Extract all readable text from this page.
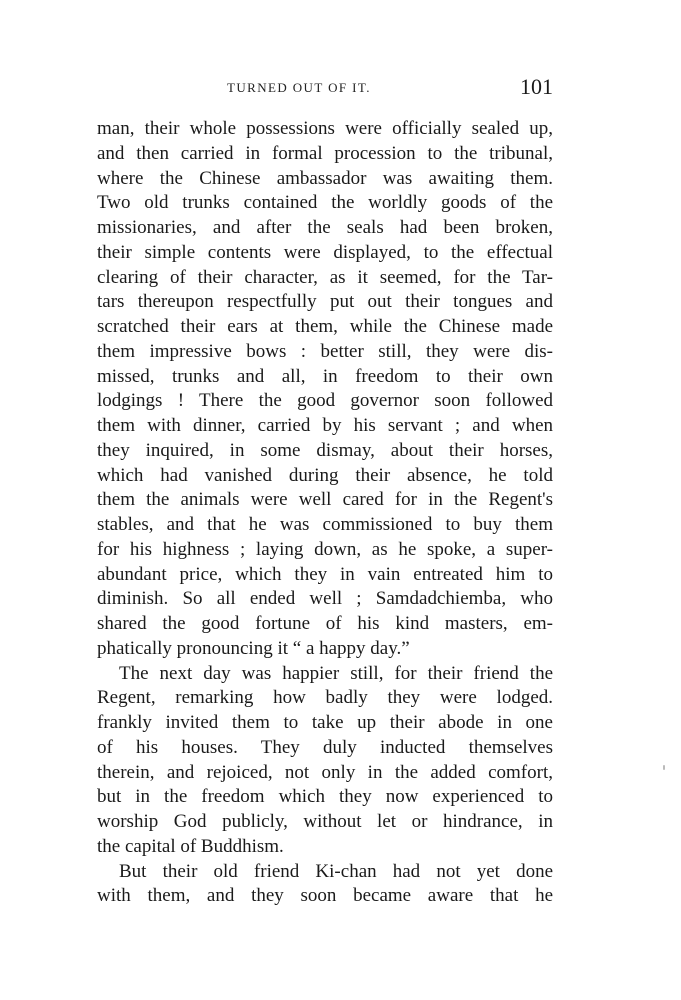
TURNED OUT OF IT.	101
man, their whole possessions were officially sealed up,
and then carried in formal procession to the tribunal,
where the Chinese ambassador was awaiting them.
Two old trunks contained the worldly goods of the
missionaries, and after the seals had been broken,
their simple contents were displayed, to the effectual
clearing of their character, as it seemed, for the Tar-
tars thereupon respectfully put out their tongues and
scratched their ears at them, while the Chinese made
them impressive bows : better still, they were dis-
missed, trunks and all, in freedom to their own
lodgings ! There the good governor soon followed
them with dinner, carried by his servant ; and when
they inquired, in some dismay, about their horses,
which had vanished during their absence, he told
them the animals were well cared for in the Regent's
stables, and that he was commissioned to buy them
for his highness ; laying down, as he spoke, a super-
abundant price, which they in vain entreated him to
diminish. So all ended well ; Samdadchiemba, who
shared the good fortune of his kind masters, em-
phatically pronouncing it “ a happy day.”
The next day was happier still, for their friend the
Regent, remarking how badly they were lodged.
frankly invited them to take up their abode in one
of his houses. They duly inducted themselves
therein, and rejoiced, not only in the added comfort,
but in the freedom which they now experienced to
worship God publicly, without let or hindrance, in
the capital of Buddhism.
But their old friend Ki-chan had not yet done
with them, and they soon became aware that he
